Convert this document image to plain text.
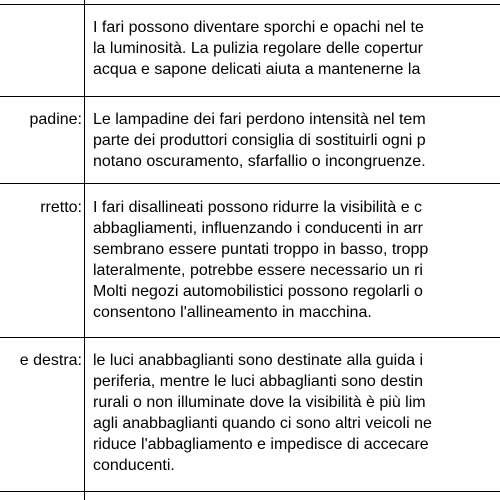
I fari possono diventare sporchi e opachi nel te
la luminosità. La pulizia regolare delle copertur
acqua e sapone delicati aiuta a mantenerne la
padine: Le lampadine dei fari perdono intensità nel tem
parte dei produttori consiglia di sostituirli ogni p
notano oscuramento, sfarfallio o incongruenze.
rretto: I fari disallineati possono ridurre la visibilità e c
abbagliamenti, influenzando i conducenti in arr
sembrano essere puntati troppo in basso, tropp
lateralmente, potrebbe essere necessario un ri
Molti negozi automobilistici possono regolarli o
consentono l'allineamento in macchina.
e destra: le luci anabbaglianti sono destinate alla guida i
periferia, mentre le luci abbaglianti sono destin
rurali o non illuminate dove la visibilità è più lim
agli anabbaglianti quando ci sono altri veicoli ne
riduce l'abbagliamento e impedisce di accecare
conducenti.
